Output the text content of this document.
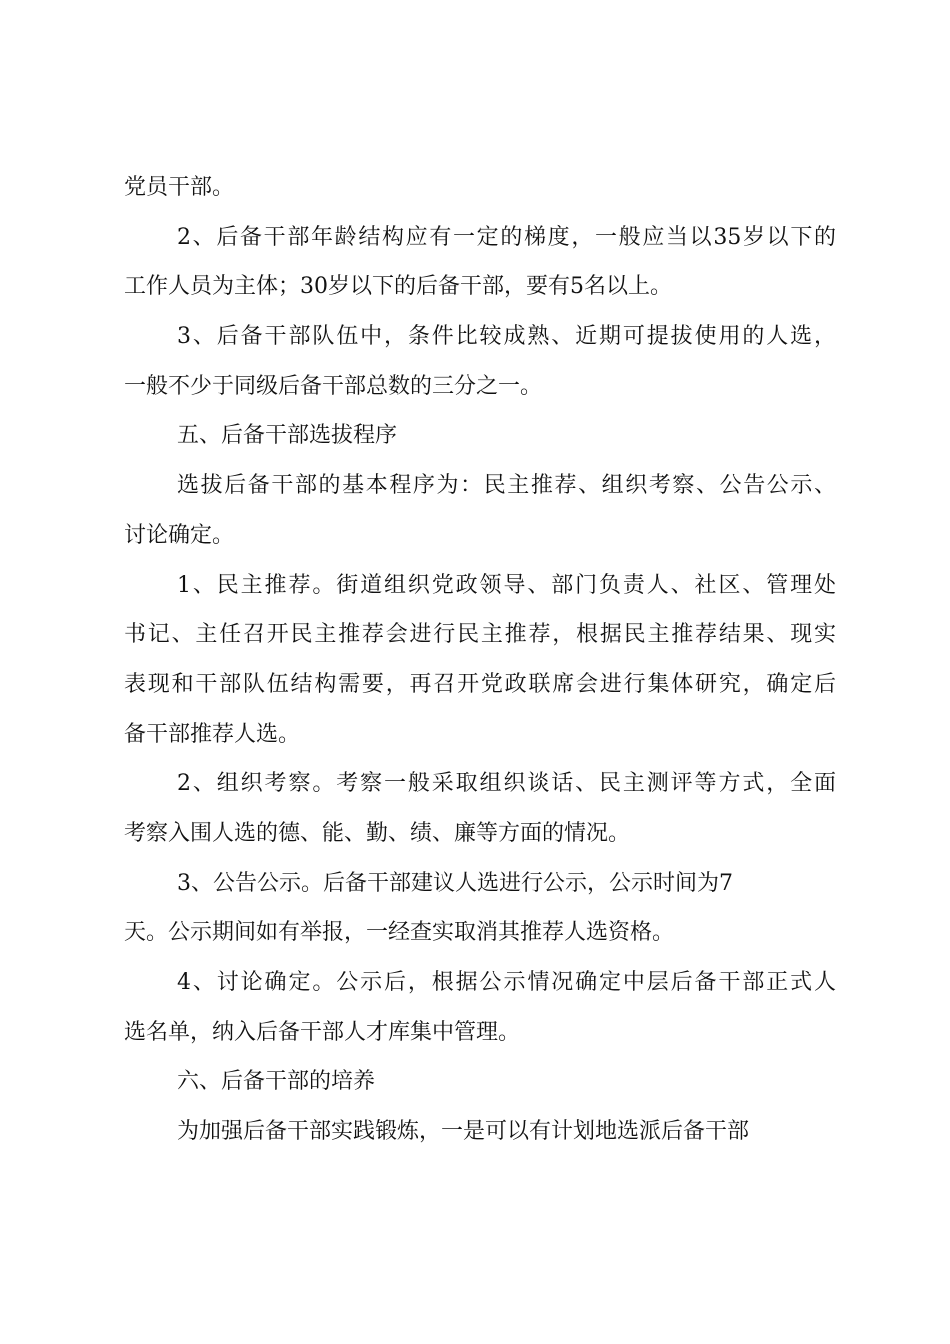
党员干部。
2、后备干部年龄结构应有一定的梯度，一般应当以35岁以下的
工作人员为主体；30岁以下的后备干部，要有5名以上。
3、后备干部队伍中，条件比较成熟、近期可提拔使用的人选，
一般不少于同级后备干部总数的三分之一。
五、后备干部选拔程序
选拔后备干部的基本程序为：民主推荐、组织考察、公告公示、
讨论确定。
1、民主推荐。街道组织党政领导、部门负责人、社区、管理处
书记、主任召开民主推荐会进行民主推荐，根据民主推荐结果、现实
表现和干部队伍结构需要，再召开党政联席会进行集体研究，确定后
备干部推荐人选。
2、组织考察。考察一般采取组织谈话、民主测评等方式，全面
考察入围人选的德、能、勤、绩、廉等方面的情况。
3、公告公示。后备干部建议人选进行公示，公示时间为7
天。公示期间如有举报，一经查实取消其推荐人选资格。
4、讨论确定。公示后，根据公示情况确定中层后备干部正式人
选名单，纳入后备干部人才库集中管理。
六、后备干部的培养
为加强后备干部实践锻炼，一是可以有计划地选派后备干部
